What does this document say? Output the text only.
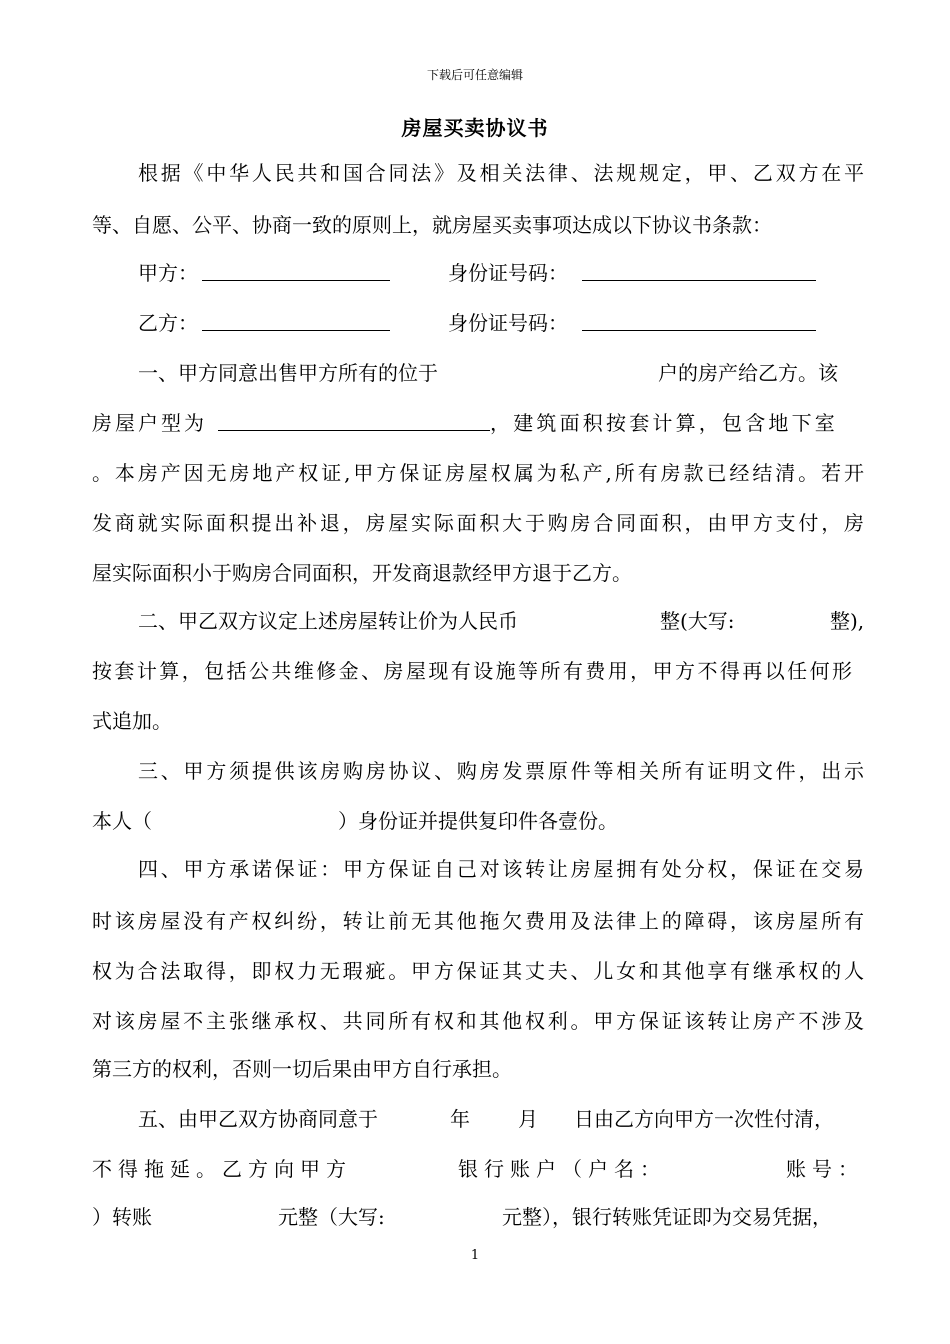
下载后可任意编辑
房屋买卖协议书
根据《中华人民共和国合同法》及相关法律、法规规定，甲、乙双方在平
等、自愿、公平、协商一致的原则上，就房屋买卖事项达成以下协议书条款：

甲方：

	身份证号码：

乙方：

	身份证号码：

一、甲方同意出售甲方所有的位于

	户的房产给乙方。该

房屋户型为

	，建筑面积按套计算，包含地下室

。本房产因无房地产权证,甲方保证房屋权属为私产,所有房款已经结清。若开
发商就实际面积提出补退，房屋实际面积大于购房合同面积，由甲方支付，房
屋实际面积小于购房合同面积，开发商退款经甲方退于乙方。

二、甲乙双方议定上述房屋转让价为人民币

	整(大写:

	整),

按套计算，包括公共维修金、房屋现有设施等所有费用，甲方不得再以任何形
式追加。
三、甲方须提供该房购房协议、购房发票原件等相关所有证明文件，出示

本人（

	）身份证并提供复印件各壹份。

四、甲方承诺保证：甲方保证自己对该转让房屋拥有处分权，保证在交易
时该房屋没有产权纠纷，转让前无其他拖欠费用及法律上的障碍，该房屋所有
权为合法取得，即权力无瑕疵。甲方保证其丈夫、儿女和其他享有继承权的人
对该房屋不主张继承权、共同所有权和其他权利。甲方保证该转让房产不涉及
第三方的权利，否则一切后果由甲方自行承担。

五、由甲乙双方协商同意于

	年

月

日由乙方向甲方一次性付清，

不得拖延。乙方向甲方

	银行账户（户名：

	账号：

）转账

	元整（大写:

	元整），银行转账凭证即为交易凭据，

1
